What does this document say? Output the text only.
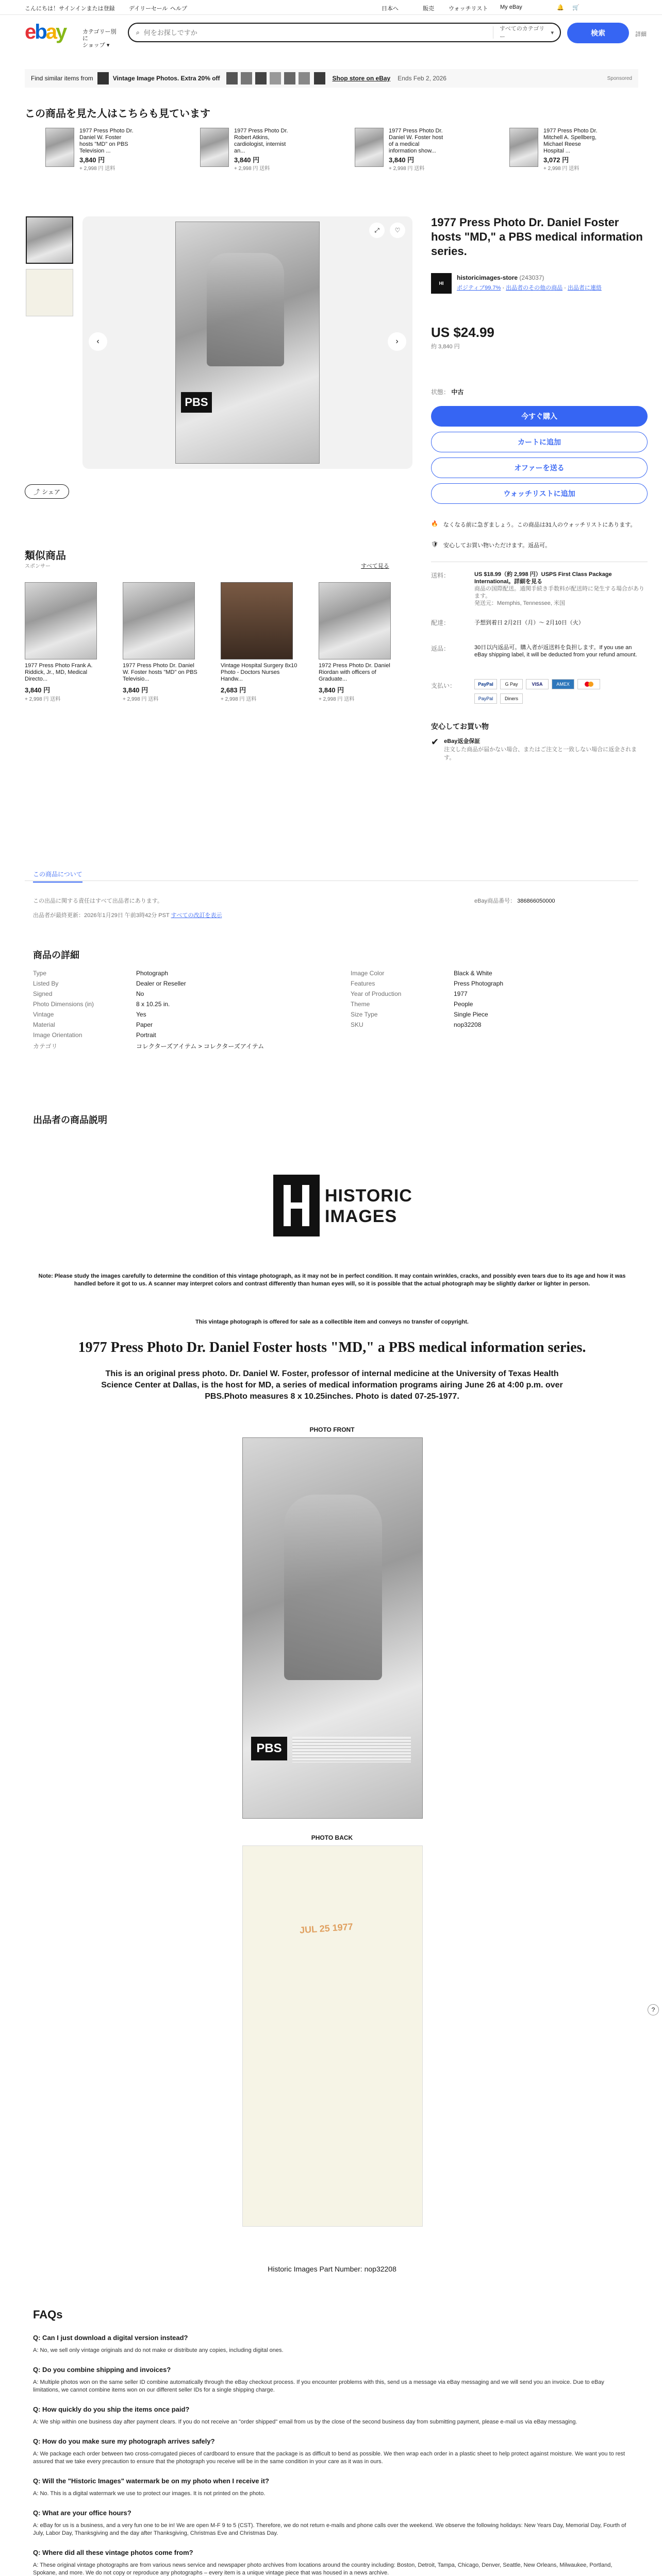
こんにちは！サインインまたは登録 デイリーセール ヘルプ	日本へ	販売	ウォッチリスト My eBay	🔔 🛒
ebay	カテゴリー別に
ショップ ▾
⌕
何をお探しですか	すべてのカテゴリー
▾	検索	詳細
Find similar items from	Vintage Image Photos. Extra 20% off	Shop store on eBay Ends Feb 2, 2026	Sponsored
この商品を見た人はこちらも見ています
1977 Press Photo Dr. Daniel W. Foster hosts "MD" on PBS Television ...
3,840 円
+ 2,998 円 送料
1977 Press Photo Dr. Robert Atkins, cardiologist, internist an...
3,840 円
+ 2,998 円 送料
1977 Press Photo Dr. Daniel W. Foster host of a medical information show...
3,840 円
+ 2,998 円 送料
1977 Press Photo Dr. Mitchell A. Spellberg, Michael Reese Hospital ...
3,072 円
+ 2,998 円 送料
PBS
‹	›
⤢	♡
⤴ シェア
1977 Press Photo Dr. Daniel Foster hosts "MD," a PBS medical information series.
HI
historicimages-store (243037)
ポジティブ99.7% · 出品者のその他の商品 · 出品者に連絡
US $24.99
約 3,840 円
状態： 中古
今すぐ購入
カートに追加
オファーを送る
ウォッチリストに追加
🔥 なくなる前に急ぎましょう。この商品は31人のウォッチリストにあります。
🛡 安心してお買い物いただけます。返品可。
送料：	US $18.99（約 2,998 円）USPS First Class Package International。詳細を見る
商品の国際配送。通関手続き手数料が配送時に発生する場合があります。
発送元：Memphis, Tennessee, 米国
配達：	予想到着日 2月2日（月）～ 2月10日（火）
返品：	30日以内返品可。購入者が返送料を負担します。If you use an eBay shipping label, it will be deducted from your refund amount.
支払い：	PayPal	G Pay	VISA	AMEX
PayPal	Diners
安心してお買い物
✔ eBay返金保証
注文した商品が届かない場合、またはご注文と一致しない場合に返金されます。
類似商品
スポンサー	すべて見る
1977 Press Photo Frank A. Riddick, Jr., MD, Medical Directo...
3,840 円
+ 2,998 円 送料
1977 Press Photo Dr. Daniel W. Foster hosts "MD" on PBS Televisio...
3,840 円
+ 2,998 円 送料
Vintage Hospital Surgery 8x10 Photo - Doctors Nurses Handw...
2,683 円
+ 2,998 円 送料
1972 Press Photo Dr. Daniel Riordan with officers of Graduate...
3,840 円
+ 2,998 円 送料
この商品について
この出品に関する責任はすべて出品者にあります。	eBay商品番号： 386866050000
出品者が最終更新：2026年1月29日 午前3時42分 PST すべての改訂を表示
商品の詳細
Type	Photograph
Listed By	Dealer or Reseller
Signed	No
Photo Dimensions (in)	8 x 10.25 in.
Vintage	Yes
Material	Paper
Image Orientation	Portrait
カテゴリ	コレクターズアイテム > コレクターズアイテム
Image Color	Black & White
Features	Press Photograph
Year of Production	1977
Theme	People
Size Type	Single Piece
SKU	nop32208
出品者の商品説明
HISTORIC
IMAGES
Note: Please study the images carefully to determine the condition of this vintage photograph, as it may not be in perfect condition. It may contain wrinkles, cracks, and possibly even tears due to its age and how it was handled before it got to us. A scanner may interpret colors and contrast differently than human eyes will, so it is possible that the actual photograph may be slightly darker or lighter in person.
This vintage photograph is offered for sale as a collectible item and conveys no transfer of copyright.
1977 Press Photo Dr. Daniel Foster hosts "MD," a PBS medical information series.
This is an original press photo. Dr. Daniel W. Foster, professor of internal medicine at the University of Texas Health Science Center at Dallas, is the host for MD, a series of medical information programs airing June 26 at 4:00 p.m. over PBS.Photo measures 8 x 10.25inches. Photo is dated 07-25-1977.
PHOTO FRONT
PBS
PHOTO BACK
JUL 25 1977
Historic Images Part Number: nop32208
FAQs
Q: Can I just download a digital version instead?
A: No, we sell only vintage originals and do not make or distribute any copies, including digital ones.
Q: Do you combine shipping and invoices?
A: Multiple photos won on the same seller ID combine automatically through the eBay checkout process. If you encounter problems with this, send us a message via eBay messaging and we will send you an invoice. Due to eBay limitations, we cannot combine items won on our different seller IDs for a single shipping charge.
Q: How quickly do you ship the items once paid?
A: We ship within one business day after payment clears. If you do not receive an "order shipped" email from us by the close of the second business day from submitting payment, please e-mail us via eBay messaging.
Q: How do you make sure my photograph arrives safely?
A: We package each order between two cross-corrugated pieces of cardboard to ensure that the package is as difficult to bend as possible. We then wrap each order in a plastic sheet to help protect against moisture. We want you to rest assured that we take every precaution to ensure that the photograph you receive will be in the same condition in your care as it was in ours.
Q: Will the "Historic Images" watermark be on my photo when I receive it?
A: No. This is a digital watermark we use to protect our images. It is not printed on the photo.
Q: What are your office hours?
A: eBay for us is a business, and a very fun one to be in! We are open M-F 9 to 5 (CST). Therefore, we do not return e-mails and phone calls over the weekend. We observe the following holidays: New Years Day, Memorial Day, Fourth of July, Labor Day, Thanksgiving and the day after Thanksgiving, Christmas Eve and Christmas Day.
Q: Where did all these vintage photos come from?
A: These original vintage photographs are from various news service and newspaper photo archives from locations around the country including: Boston, Detroit, Tampa, Chicago, Denver, Seattle, New Orleans, Milwaukee, Portland, Spokane, and more. We do not copy or reproduce any photographs – every item is a unique vintage piece that was housed in a news archive.
?
